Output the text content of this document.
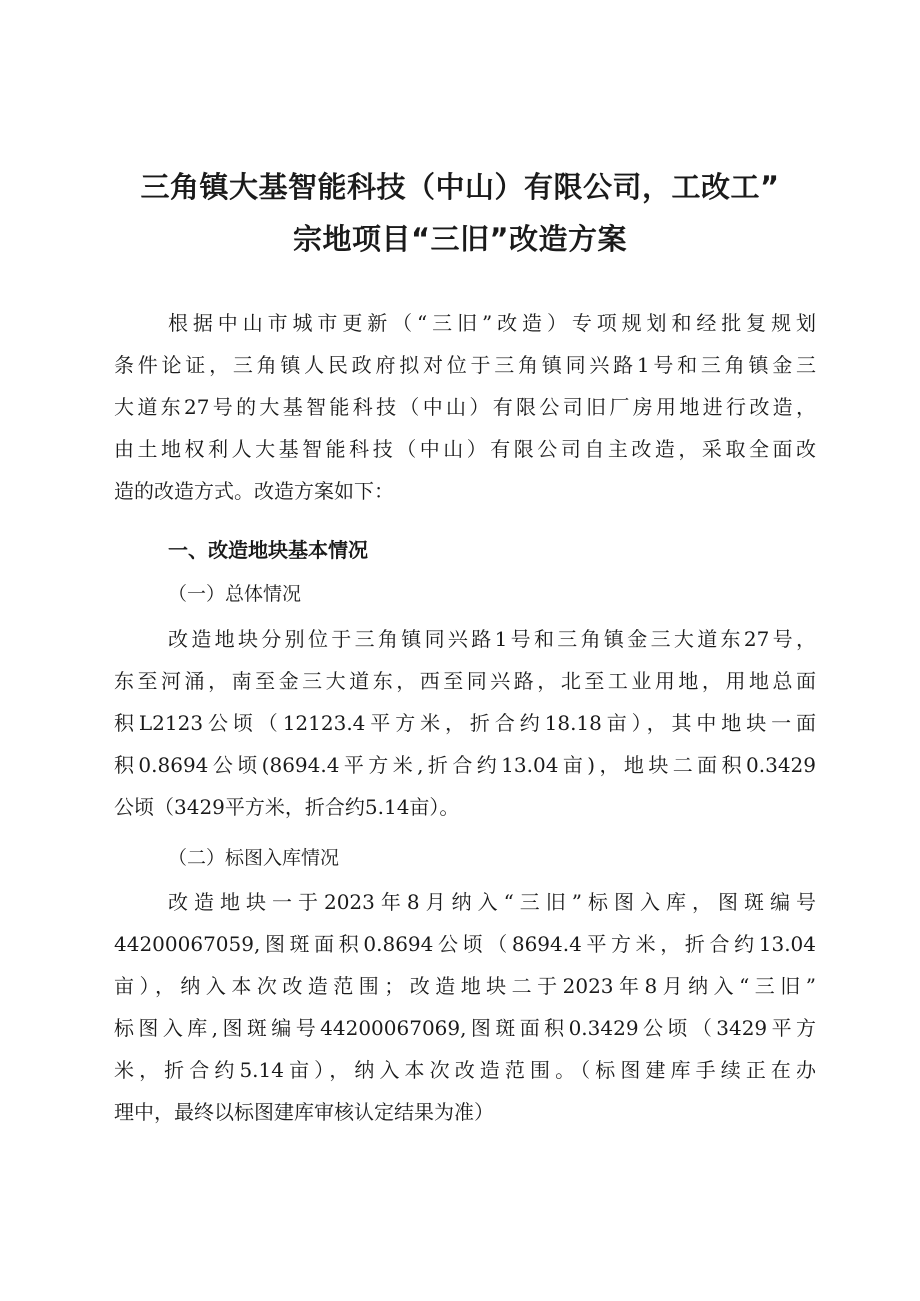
三角镇大基智能科技（中山）有限公司，工改工”
宗地项目“三旧”改造方案

根据中山市城市更新（“三旧”改造）专项规划和经批复规划

条件论证，三角镇人民政府拟对位于三角镇同兴路1号和三角镇金三

大道东27号的大基智能科技（中山）有限公司旧厂房用地进行改造，

由土地权利人大基智能科技（中山）有限公司自主改造，采取全面改

造的改造方式。改造方案如下：

一、改造地块基本情况
（一）总体情况

改造地块分别位于三角镇同兴路1号和三角镇金三大道东27号，

东至河涌，南至金三大道东，西至同兴路，北至工业用地，用地总面

积L2123公顷（12123.4平方米，折合约18.18亩），其中地块一面

积0.8694公顷(8694.4平方米,折合约13.04亩)，地块二面积0.3429

公顷（3429平方米，折合约5.14亩）。

（二）标图入库情况

改造地块一于2023年8月纳入“三旧”标图入库，图斑编号

44200067059,图斑面积0.8694公顷（8694.4平方米，折合约13.04

亩），纳入本次改造范围；改造地块二于2023年8月纳入“三旧”

标图入库,图斑编号44200067069,图斑面积0.3429公顷（3429平方

米，折合约5.14亩），纳入本次改造范围。（标图建库手续正在办

理中，最终以标图建库审核认定结果为准）
